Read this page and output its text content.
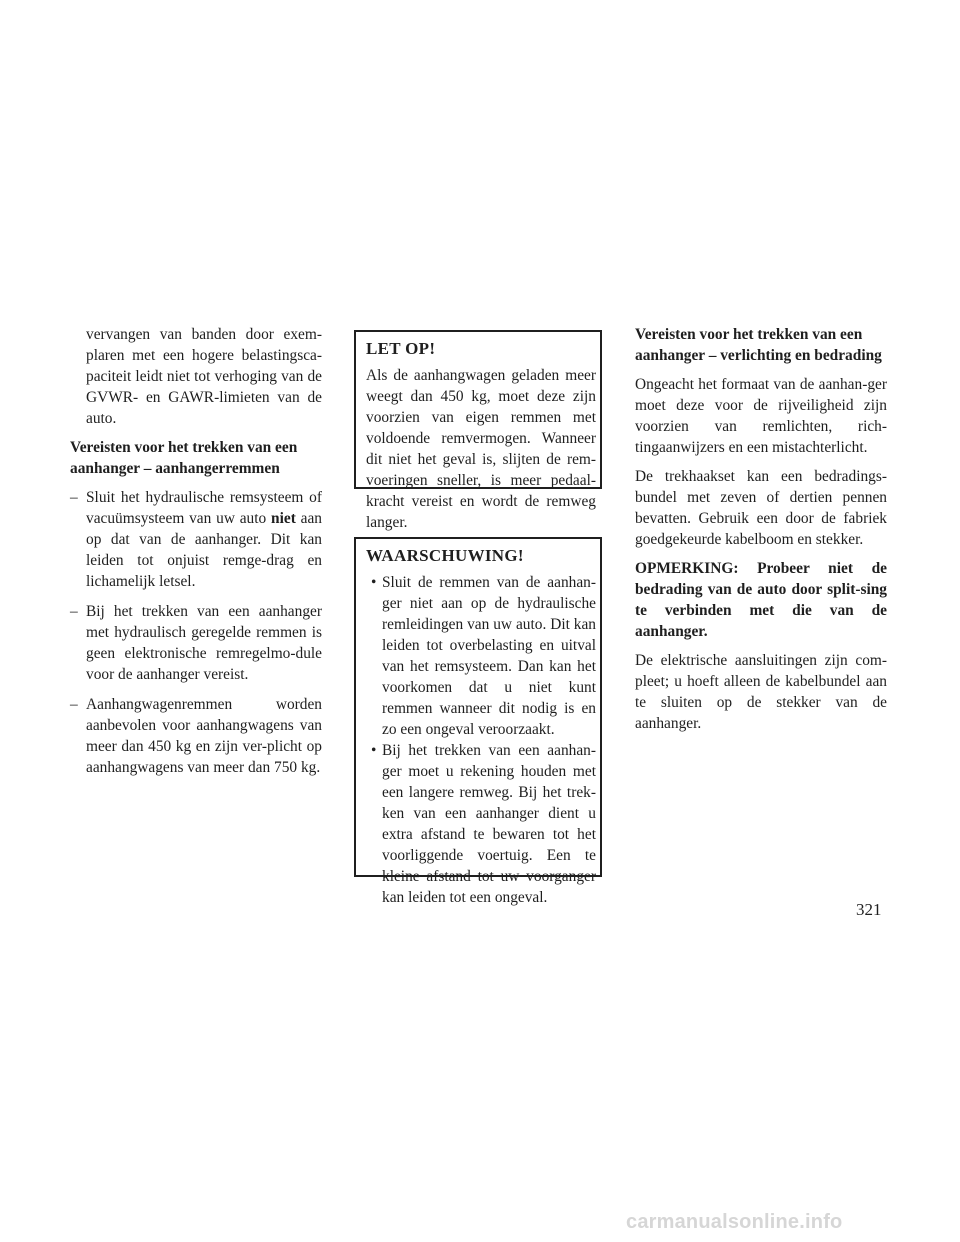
vervangen van banden door exem-plaren met een hogere belastingsca-paciteit leidt niet tot verhoging van de GVWR- en GAWR-limieten van de auto.

Vereisten voor het trekken van een aanhanger – aanhangerremmen

– Sluit het hydraulische remsysteem of vacuümsysteem van uw auto niet aan op dat van de aanhanger. Dit kan leiden tot onjuist remge-drag en lichamelijk letsel.
– Bij het trekken van een aanhanger met hydraulisch geregelde remmen is geen elektronische remregelmo-dule voor de aanhanger vereist.
– Aanhangwagenremmen worden aanbevolen voor aanhangwagens van meer dan 450 kg en zijn ver-plicht op aanhangwagens van meer dan 750 kg.

LET OP!

Als de aanhangwagen geladen meer weegt dan 450 kg, moet deze zijn voorzien van eigen remmen met voldoende remvermogen. Wanneer dit niet het geval is, slijten de rem-voeringen sneller, is meer pedaal-kracht vereist en wordt de remweg langer.

WAARSCHUWING!

• Sluit de remmen van de aanhan-ger niet aan op de hydraulische remleidingen van uw auto. Dit kan leiden tot overbelasting en uitval van het remsysteem. Dan kan het voorkomen dat u niet kunt remmen wanneer dit nodig is en zo een ongeval veroorzaakt.

• Bij het trekken van een aanhan-ger moet u rekening houden met een langere remweg. Bij het trek-ken van een aanhanger dient u extra afstand te bewaren tot het voorliggende voertuig. Een te kleine afstand tot uw voorganger kan leiden tot een ongeval.

Vereisten voor het trekken van een aanhanger – verlichting en bedrading

Ongeacht het formaat van de aanhan-ger moet deze voor de rijveiligheid zijn voorzien van remlichten, rich-tingaanwijzers en een mistachterlicht.

De trekhaakset kan een bedradings-bundel met zeven of dertien pennen bevatten. Gebruik een door de fabriek goedgekeurde kabelboom en stekker.

OPMERKING: Probeer niet de bedrading van de auto door split-sing te verbinden met die van de aanhanger.

De elektrische aansluitingen zijn com-pleet; u hoeft alleen de kabelbundel aan te sluiten op de stekker van de aanhanger.

321
carmanualsonline.info
